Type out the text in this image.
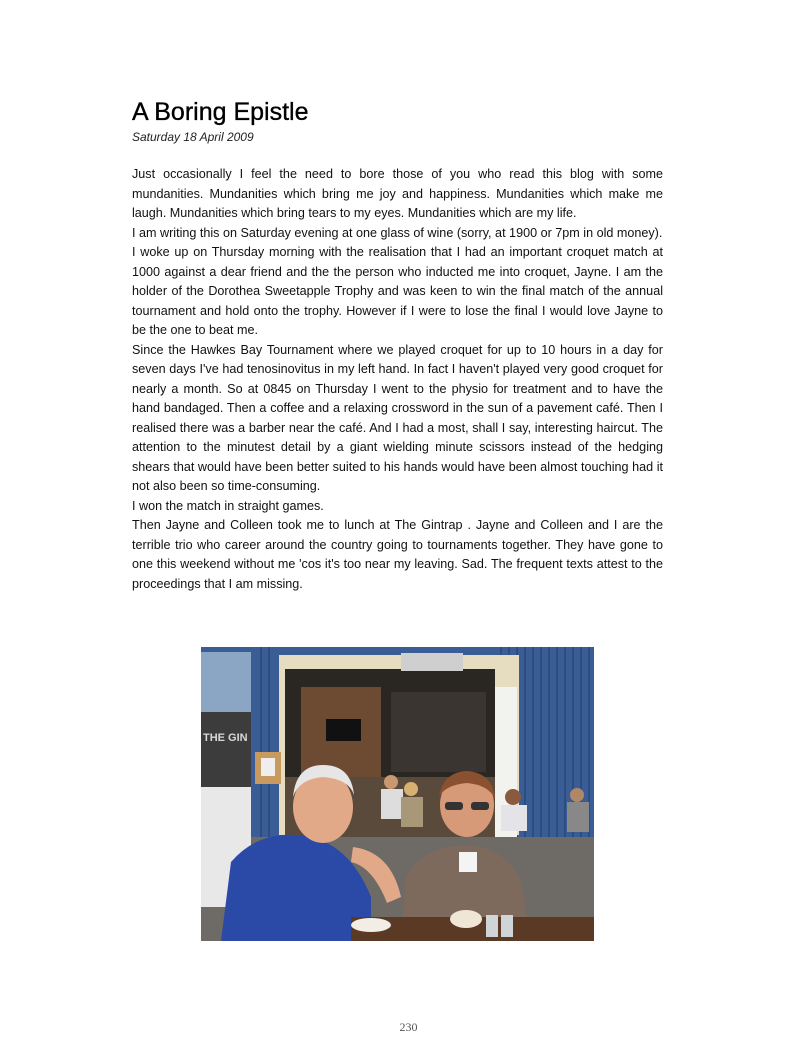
A Boring Epistle
Saturday 18 April 2009

Just occasionally I feel the need to bore those of you who read this blog with some mundanities. Mundanities which bring me joy and happiness. Mundanities which make me laugh. Mundanities which bring tears to my eyes. Mundanities which are my life.

I am writing this on Saturday evening at one glass of wine (sorry, at 1900 or 7pm in old money).

I woke up on Thursday morning with the realisation that I had an important croquet match at 1000 against a dear friend and the the person who inducted me into croquet, Jayne. I am the holder of the Dorothea Sweetapple Trophy and was keen to win the final match of the annual tournament and hold onto the trophy. However if I were to lose the final I would love Jayne to be the one to beat me.

Since the Hawkes Bay Tournament where we played croquet for up to 10 hours in a day for seven days I've had tenosinovitus in my left hand. In fact I haven't played very good croquet for nearly a month. So at 0845 on Thursday I went to the physio for treatment and to have the hand bandaged. Then a coffee and a relaxing crossword in the sun of a pavement café. Then I realised there was a barber near the café. And I had a most, shall I say, interesting haircut. The attention to the minutest detail by a giant wielding minute scissors instead of the hedging shears that would have been better suited to his hands would have been almost touching had it not also been so time-consuming.

I won the match in straight games.

Then Jayne and Colleen took me to lunch at The Gintrap . Jayne and Colleen and I are the terrible trio who career around the country going to tournaments together. They have gone to one this weekend without me 'cos it's too near my leaving. Sad. The frequent texts attest to the proceedings that I am missing.

THE GIN
230
